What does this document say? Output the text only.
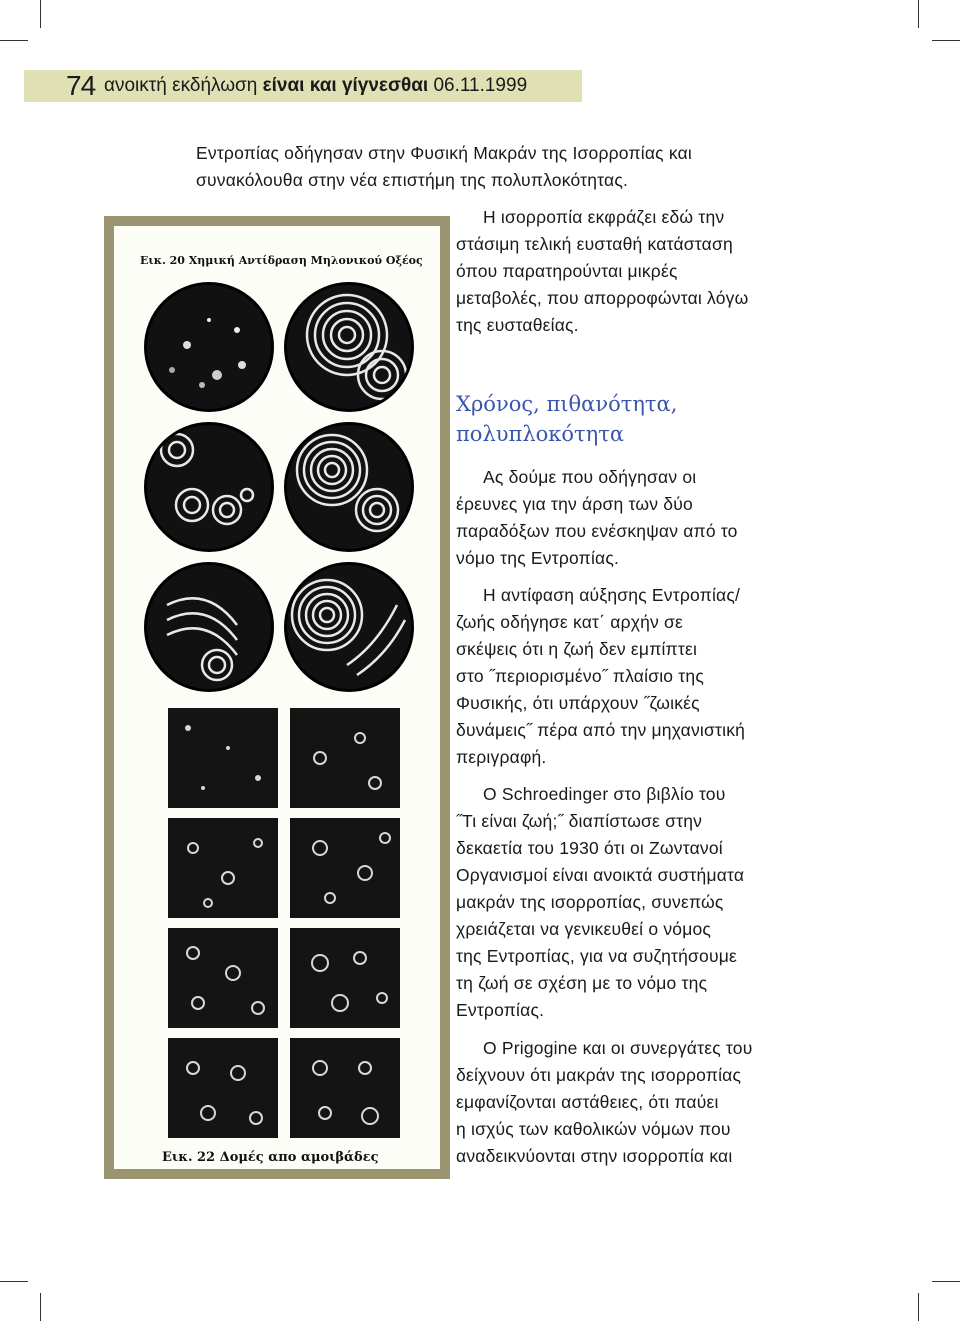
74 ανοικτή εκδήλωση είναι και γίγνεσθαι 06.11.1999

Εντροπίας οδήγησαν στην Φυσική Μακράν της Ισορροπίας και

συνακόλουθα στην νέα επιστήμη της πολυπλοκότητας.

Εικ. 20 Χημική Αντίδραση Μηλονικού Οξέος
Εικ. 22 Δομές απο αμοιβάδες

Η ισορροπία εκφράζει εδώ την

στάσιμη τελική ευσταθή κατάσταση

όπου παρατηρούνται μικρές

μεταβολές, που απορροφώνται λόγω

της ευσταθείας.

Χρόνος, πιθανότητα,

πολυπλοκότητα

Ας δούμε που οδήγησαν οι

έρευνες για την άρση των δύο

παραδόξων που ενέσκηψαν από το

νόμο της Εντροπίας.

Η αντίφαση αύξησης Εντροπίας/

ζωής οδήγησε κατ΄ αρχήν σε

σκέψεις ότι η ζωή δεν εμπίπτει

στο ˝περιορισμένο˝ πλαίσιο της

Φυσικής, ότι υπάρχουν ˝ζωικές

δυνάμεις˝ πέρα από την μηχανιστική

περιγραφή.

Ο Schroedinger στο βιβλίο του

˝Τι είναι ζωή;˝ διαπίστωσε στην

δεκαετία του 1930 ότι οι Ζωντανοί

Οργανισμοί είναι ανοικτά συστήματα

μακράν της ισορροπίας, συνεπώς

χρειάζεται να γενικευθεί ο νόμος

της Εντροπίας, για να συζητήσουμε

τη ζωή σε σχέση με το νόμο της

Εντροπίας.

Ο Prigogine και οι συνεργάτες του

δείχνουν ότι μακράν της ισορροπίας

εμφανίζονται αστάθειες, ότι παύει

η ισχύς των καθολικών νόμων που

αναδεικνύονται στην ισορροπία και
